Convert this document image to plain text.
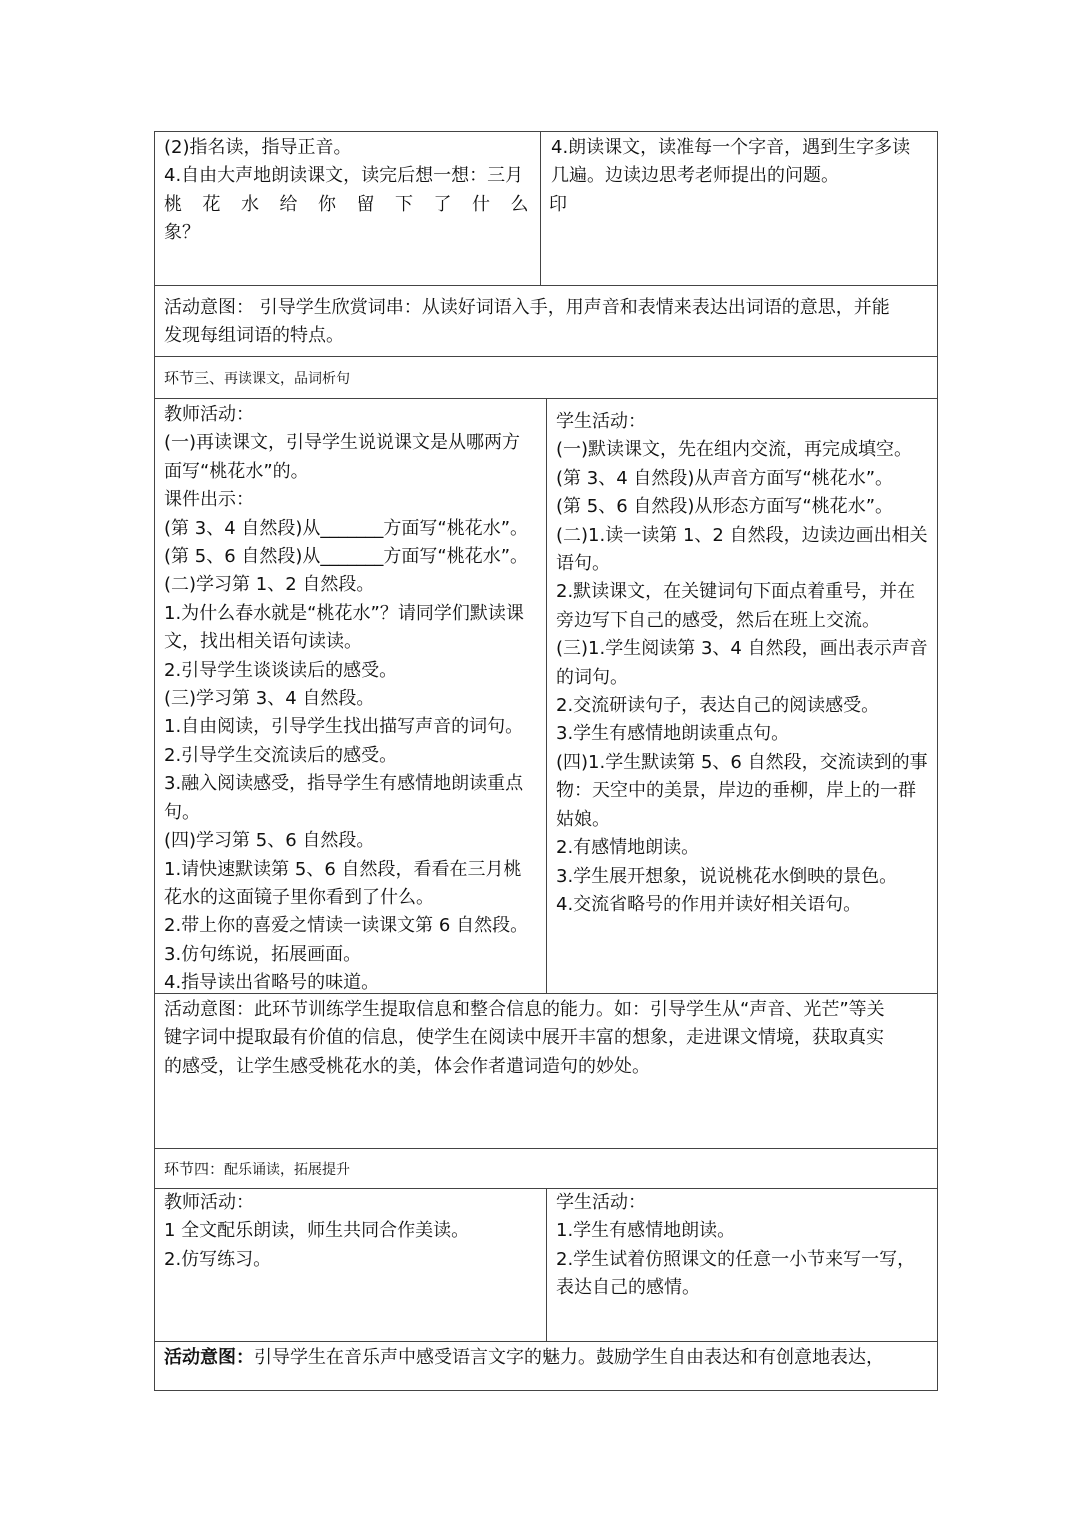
(2)指名读，指导正音。

4.自由大声地朗读课文，读完后想一想：三月

桃花水给你留下了什么印

象？

4.朗读课文，读准每一个字音，遇到生字多读

几遍。边读边思考老师提出的问题。

活动意图： 引导学生欣赏词串：从读好词语入手，用声音和表情来表达出词语的意思，并能

发现每组词语的特点。

环节三、再读课文，品词析句

教师活动：

(一)再读课文，引导学生说说课文是从哪两方

面写“桃花水”的。

课件出示：

(第 3、4 自然段)从_______方面写“桃花水”。

(第 5、6 自然段)从_______方面写“桃花水”。

(二)学习第 1、2 自然段。

1.为什么春水就是“桃花水”？请同学们默读课

文，找出相关语句读读。

2.引导学生谈谈读后的感受。

(三)学习第 3、4 自然段。

1.自由阅读，引导学生找出描写声音的词句。

2.引导学生交流读后的感受。

3.融入阅读感受，指导学生有感情地朗读重点

句。

(四)学习第 5、6 自然段。

1.请快速默读第 5、6 自然段，看看在三月桃

花水的这面镜子里你看到了什么。

2.带上你的喜爱之情读一读课文第 6 自然段。

3.仿句练说，拓展画面。

4.指导读出省略号的味道。

学生活动：

(一)默读课文，先在组内交流，再完成填空。

(第 3、4 自然段)从声音方面写“桃花水”。

(第 5、6 自然段)从形态方面写“桃花水”。

(二)1.读一读第 1、2 自然段，边读边画出相关

语句。

2.默读课文，在关键词句下面点着重号，并在

旁边写下自己的感受，然后在班上交流。

(三)1.学生阅读第 3、4 自然段，画出表示声音

的词句。

2.交流研读句子，表达自己的阅读感受。

3.学生有感情地朗读重点句。

(四)1.学生默读第 5、6 自然段，交流读到的事

物：天空中的美景，岸边的垂柳，岸上的一群

姑娘。

2.有感情地朗读。

3.学生展开想象，说说桃花水倒映的景色。

4.交流省略号的作用并读好相关语句。

活动意图：此环节训练学生提取信息和整合信息的能力。如：引导学生从“声音、光芒”等关

键字词中提取最有价值的信息，使学生在阅读中展开丰富的想象，走进课文情境，获取真实

的感受，让学生感受桃花水的美，体会作者遣词造句的妙处。

环节四：配乐诵读，拓展提升

教师活动：

1 全文配乐朗读，师生共同合作美读。

2.仿写练习。

学生活动：

1.学生有感情地朗读。

2.学生试着仿照课文的任意一小节来写一写，

表达自己的感情。

活动意图：引导学生在音乐声中感受语言文字的魅力。鼓励学生自由表达和有创意地表达，
